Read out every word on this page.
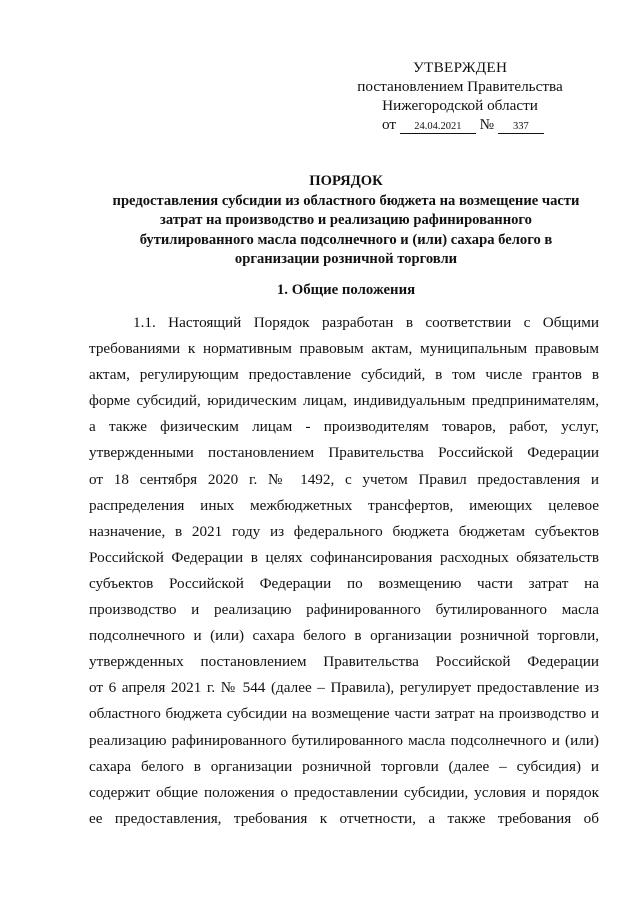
УТВЕРЖДЕН
постановлением Правительства
Нижегородской области
от 24.04.2021 № 337
ПОРЯДОК
предоставления субсидии из областного бюджета на возмещение части
затрат на производство и реализацию рафинированного
бутилированного масла подсолнечного и (или) сахара белого в
организации розничной торговли
1. Общие положения
1.1. Настоящий Порядок разработан в соответствии с Общими
требованиями к нормативным правовым актам, муниципальным правовым
актам, регулирующим предоставление субсидий, в том числе грантов в
форме субсидий, юридическим лицам, индивидуальным предпринимателям,
а также физическим лицам - производителям товаров, работ, услуг,
утвержденными постановлением Правительства Российской Федерации
от 18 сентября 2020 г. № 1492, с учетом Правил предоставления и
распределения иных межбюджетных трансфертов, имеющих целевое
назначение, в 2021 году из федерального бюджета бюджетам субъектов
Российской Федерации в целях софинансирования расходных обязательств
субъектов Российской Федерации по возмещению части затрат на
производство и реализацию рафинированного бутилированного масла
подсолнечного и (или) сахара белого в организации розничной торговли,
утвержденных постановлением Правительства Российской Федерации
от 6 апреля 2021 г. № 544 (далее – Правила), регулирует предоставление из
областного бюджета субсидии на возмещение части затрат на производство и
реализацию рафинированного бутилированного масла подсолнечного и (или)
сахара белого в организации розничной торговли (далее – субсидия) и
содержит общие положения о предоставлении субсидии, условия и порядок
ее предоставления, требования к отчетности, а также требования об
